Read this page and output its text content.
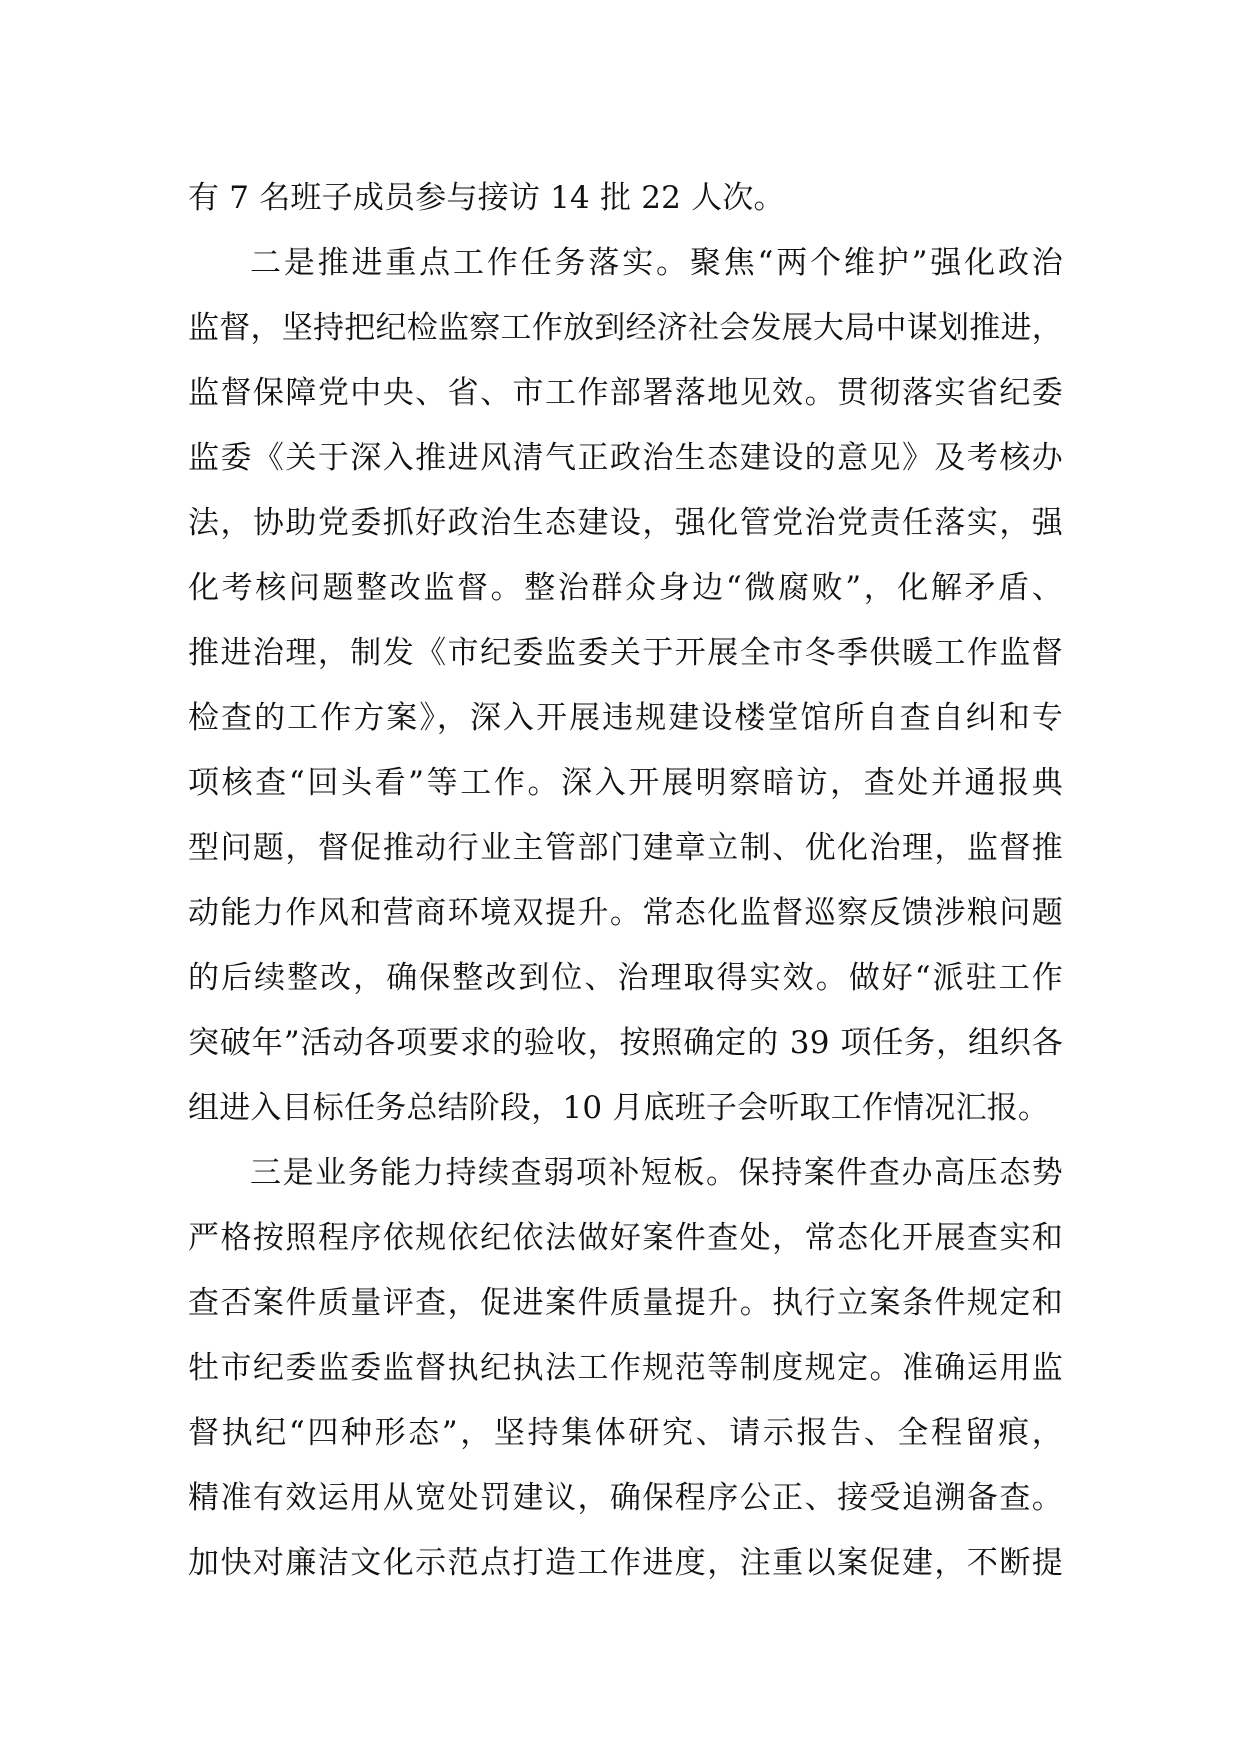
有 7 名班子成员参与接访 14 批 22 人次。
二是推进重点工作任务落实。聚焦“两个维护”强化政治
监督，坚持把纪检监察工作放到经济社会发展大局中谋划推进，
监督保障党中央、省、市工作部署落地见效。贯彻落实省纪委
监委《关于深入推进风清气正政治生态建设的意见》及考核办
法，协助党委抓好政治生态建设，强化管党治党责任落实，强
化考核问题整改监督。整治群众身边“微腐败”，化解矛盾、
推进治理，制发《市纪委监委关于开展全市冬季供暖工作监督
检查的工作方案》，深入开展违规建设楼堂馆所自查自纠和专
项核查“回头看”等工作。深入开展明察暗访，查处并通报典
型问题，督促推动行业主管部门建章立制、优化治理，监督推
动能力作风和营商环境双提升。常态化监督巡察反馈涉粮问题
的后续整改，确保整改到位、治理取得实效。做好“派驻工作
突破年”活动各项要求的验收，按照确定的 39 项任务，组织各
组进入目标任务总结阶段，10 月底班子会听取工作情况汇报。
三是业务能力持续查弱项补短板。保持案件查办高压态势
严格按照程序依规依纪依法做好案件查处，常态化开展查实和
查否案件质量评查，促进案件质量提升。执行立案条件规定和
牡市纪委监委监督执纪执法工作规范等制度规定。准确运用监
督执纪“四种形态”，坚持集体研究、请示报告、全程留痕，
精准有效运用从宽处罚建议，确保程序公正、接受追溯备查。
加快对廉洁文化示范点打造工作进度，注重以案促建，不断提
